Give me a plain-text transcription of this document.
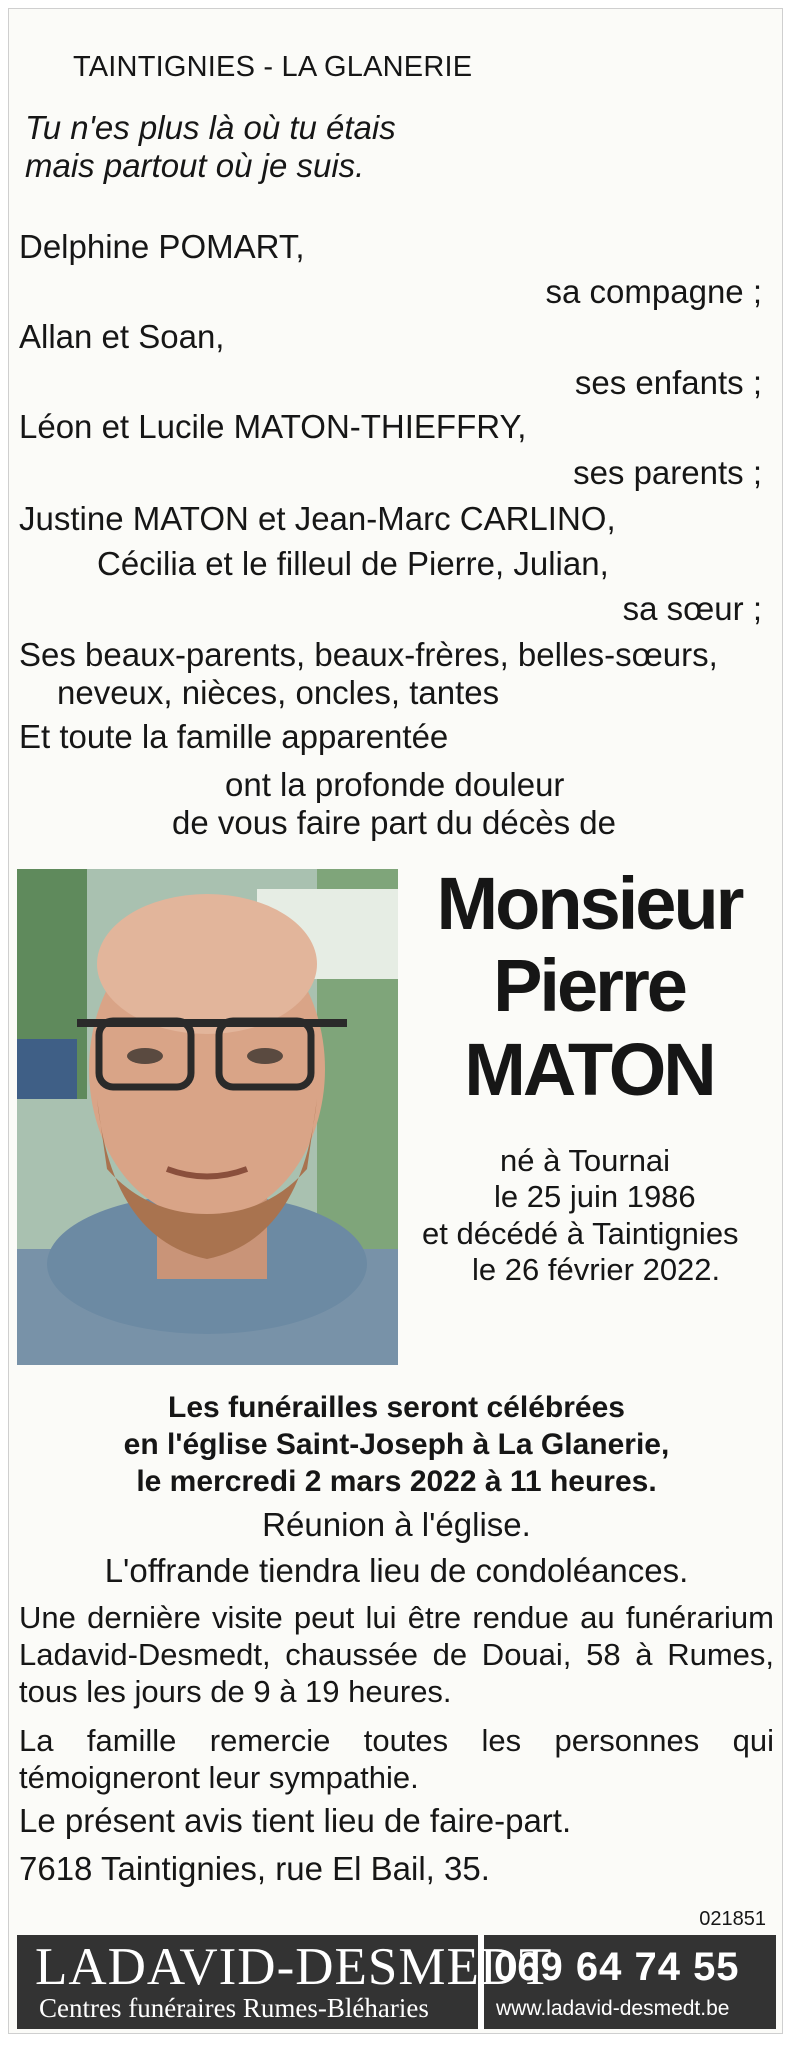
TAINTIGNIES - LA GLANERIE
Tu n'es plus là où tu étais
mais partout où je suis.
Delphine POMART,
sa compagne ;
Allan et Soan,
ses enfants ;
Léon et Lucile MATON-THIEFFRY,
ses parents ;
Justine MATON et Jean-Marc CARLINO,
Cécilia et le filleul de Pierre, Julian,
sa sœur ;
Ses beaux-parents, beaux-frères, belles-sœurs,
neveux, nièces, oncles, tantes
Et toute la famille apparentée
ont la profonde douleur
de vous faire part du décès de
Monsieur
Pierre
MATON
né à Tournai
le 25 juin 1986
et décédé à Taintignies
le 26 février 2022.
Les funérailles seront célébrées
en l'église Saint-Joseph à La Glanerie,
le mercredi 2 mars 2022 à 11 heures.
Réunion à l'église.
L'offrande tiendra lieu de condoléances.
Une dernière visite peut lui être rendue au funérarium Ladavid-Desmedt, chaussée de Douai, 58 à Rumes, tous les jours de 9 à 19 heures.
La famille remercie toutes les personnes qui témoigneront leur sympathie.
Le présent avis tient lieu de faire-part.
7618 Taintignies, rue El Bail, 35.
021851
LADAVID-DESMEDT
Centres funéraires Rumes-Bléharies
069 64 74 55
www.ladavid-desmedt.be
